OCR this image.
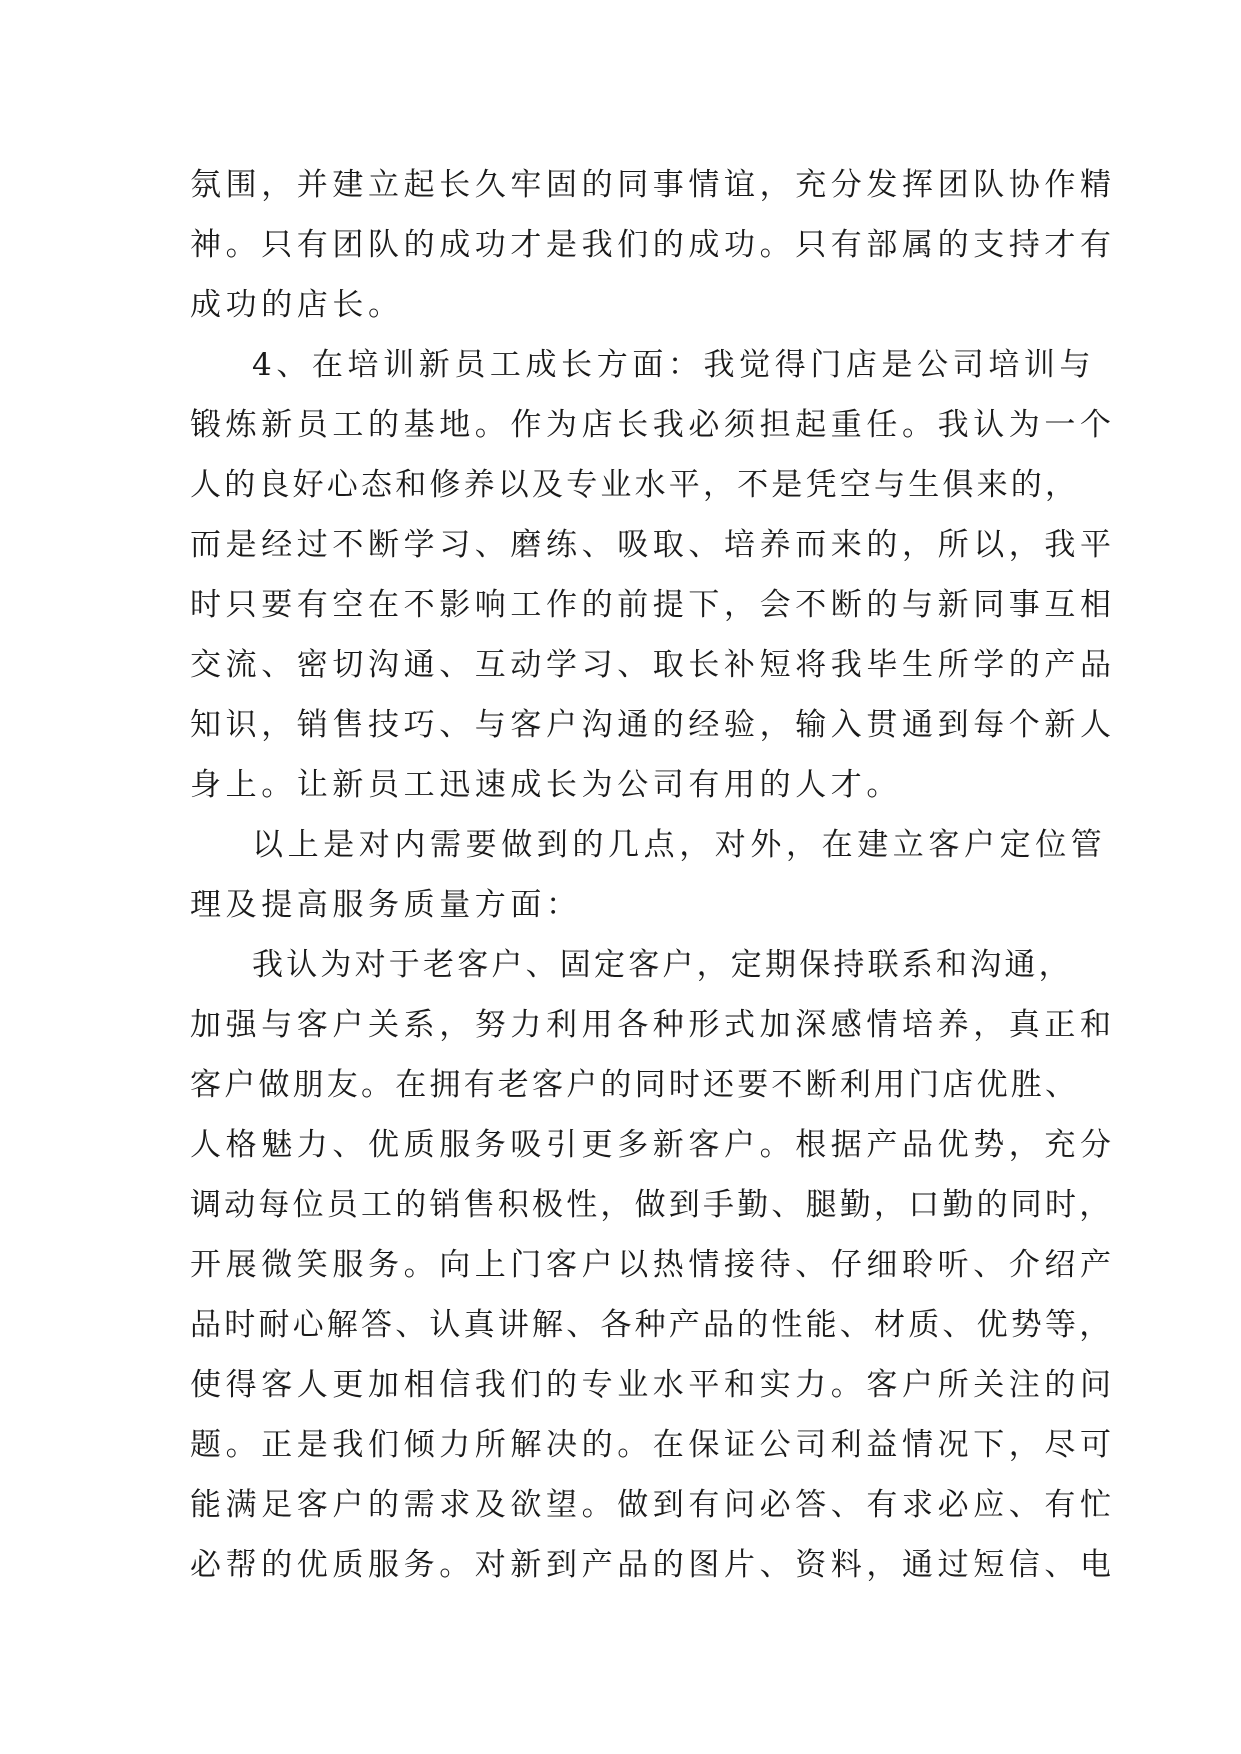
氛围，并建立起长久牢固的同事情谊，充分发挥团队协作精
神。只有团队的成功才是我们的成功。只有部属的支持才有
成功的店长。
4、在培训新员工成长方面：我觉得门店是公司培训与
锻炼新员工的基地。作为店长我必须担起重任。我认为一个
人的良好心态和修养以及专业水平，不是凭空与生俱来的，
而是经过不断学习、磨练、吸取、培养而来的，所以，我平
时只要有空在不影响工作的前提下，会不断的与新同事互相
交流、密切沟通、互动学习、取长补短将我毕生所学的产品
知识，销售技巧、与客户沟通的经验，输入贯通到每个新人
身上。让新员工迅速成长为公司有用的人才。
以上是对内需要做到的几点，对外，在建立客户定位管
理及提高服务质量方面：
我认为对于老客户、固定客户，定期保持联系和沟通，
加强与客户关系，努力利用各种形式加深感情培养，真正和
客户做朋友。在拥有老客户的同时还要不断利用门店优胜、
人格魅力、优质服务吸引更多新客户。根据产品优势，充分
调动每位员工的销售积极性，做到手勤、腿勤，口勤的同时，
开展微笑服务。向上门客户以热情接待、仔细聆听、介绍产
品时耐心解答、认真讲解、各种产品的性能、材质、优势等，
使得客人更加相信我们的专业水平和实力。客户所关注的问
题。正是我们倾力所解决的。在保证公司利益情况下，尽可
能满足客户的需求及欲望。做到有问必答、有求必应、有忙
必帮的优质服务。对新到产品的图片、资料，通过短信、电
